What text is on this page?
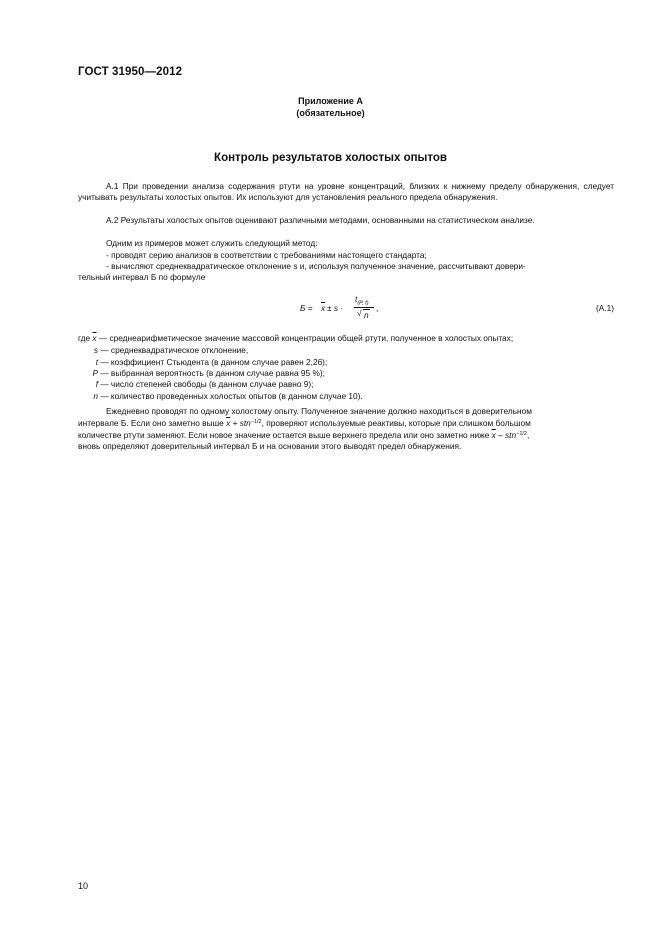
ГОСТ 31950—2012
Приложение А
(обязательное)
Контроль результатов холостых опытов
А.1 При проведении анализа содержания ртути на уровне концентраций, близких к нижнему пределу обнаружения, следует учитывать результаты холостых опытов. Их используют для установления реального предела обнаружения.
А.2 Результаты холостых опытов оценивают различными методами, основанными на статистическом анализе.
Одним из примеров может служить следующий метод:
- проводят серию анализов в соответствии с требованиями настоящего стандарта;
- вычисляют среднеквадратическое отклонение s и, используя полученное значение, рассчитывают довери-
тельный интервал Б по формуле
$Б = \overline{x} \pm s$ ·
$t_{(P, f)}$
√ n
,	(А.1)
где $\overline{x}$ — среднеарифметическое значение массовой концентрации общей ртути, полученное в холостых опытах;
s — среднеквадратическое отклонение,
t — коэффициент Стьюдента (в данном случае равен 2,26);
P — выбранная вероятность (в данном случае равна 95 %);
f — число степеней свободы (в данном случае равно 9);
n — количество проведенных холостых опытов (в данном случае 10).
Ежедневно проводят по одному холостому опыту. Полученное значение должно находиться в доверительном
интервале Б. Если оно заметно выше $\overline{x} + stn^{-1/2}$, проверяют используемые реактивы, которые при слишком большом
количестве ртути заменяют. Если новое значение остается выше верхнего предела или оно заметно ниже $\overline{x} - stn^{-1/2}$,
вновь определяют доверительный интервал Б и на основании этого выводят предел обнаружения.
10
